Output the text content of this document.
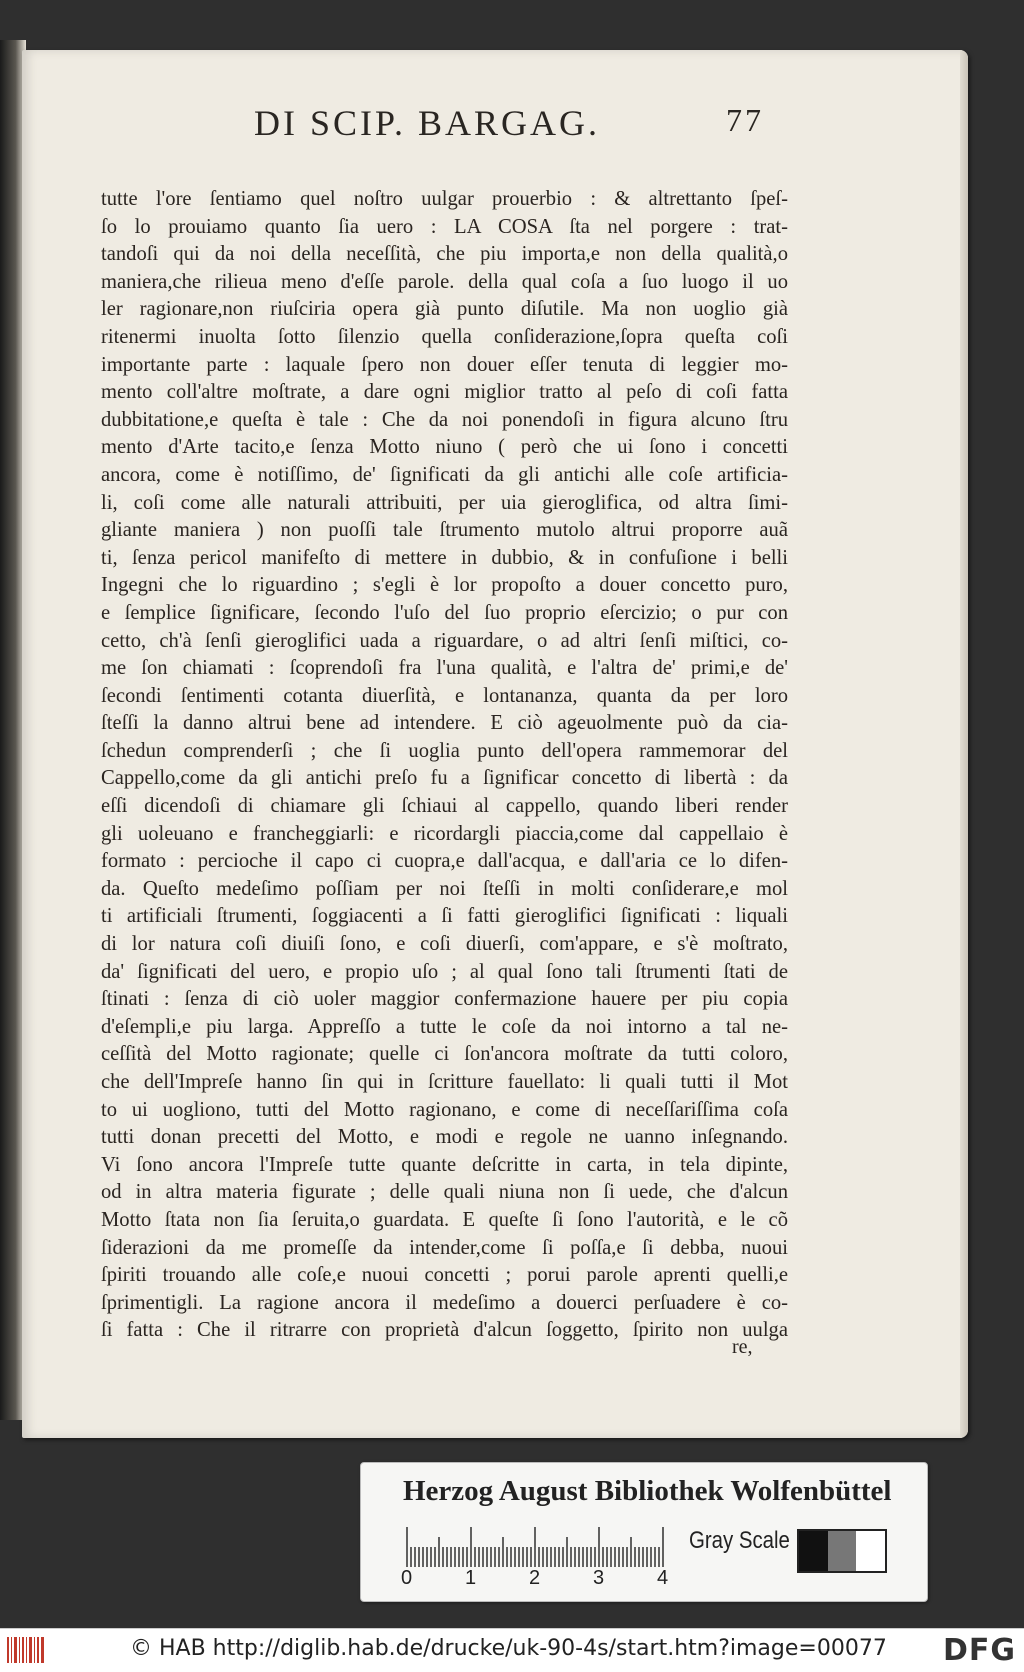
DI SCIP. BARGAG.	77
tutte l'ore ſentiamo quel noſtro uulgar prouerbio : & altrettanto ſpeſ-
ſo lo prouiamo quanto ſia uero : LA COSA ſta nel porgere : trat-
tandoſi qui da noi della neceſſità, che piu importa,e non della qualità,o
maniera,che rilieua meno d'eſſe parole. della qual coſa a ſuo luogo il uo
ler ragionare,non riuſciria opera già punto diſutile. Ma non uoglio già
ritenermi inuolta ſotto ſilenzio quella conſiderazione,ſopra queſta coſi
importante parte : laquale ſpero non douer eſſer tenuta di leggier mo-
mento coll'altre moſtrate, a dare ogni miglior tratto al peſo di coſi fatta
dubbitatione,e queſta è tale : Che da noi ponendoſi in figura alcuno ſtru
mento d'Arte tacito,e ſenza Motto niuno ( però che ui ſono i concetti
ancora, come è notiſſimo, de' ſignificati da gli antichi alle coſe artificia-
li, coſi come alle naturali attribuiti, per uia gieroglifica, od altra ſimi-
gliante maniera ) non puoſſi tale ſtrumento mutolo altrui proporre auã
ti, ſenza pericol manifeſto di mettere in dubbio, & in confuſione i belli
Ingegni che lo riguardino ; s'egli è lor propoſto a douer concetto puro,
e ſemplice ſignificare, ſecondo l'uſo del ſuo proprio eſercizio; o pur con
cetto, ch'à ſenſi gieroglifici uada a riguardare, o ad altri ſenſi miſtici, co-
me ſon chiamati : ſcoprendoſi fra l'una qualità, e l'altra de' primi,e de'
ſecondi ſentimenti cotanta diuerſità, e lontananza, quanta da per loro
ſteſſi la danno altrui bene ad intendere. E ciò ageuolmente può da cia-
ſchedun comprenderſi ; che ſi uoglia punto dell'opera rammemorar del
Cappello,come da gli antichi preſo fu a ſignificar concetto di libertà : da
eſſi dicendoſi di chiamare gli ſchiaui al cappello, quando liberi render
gli uoleuano e francheggiarli: e ricordargli piaccia,come dal cappellaio è
formato : percioche il capo ci cuopra,e dall'acqua, e dall'aria ce lo difen-
da. Queſto medeſimo poſſiam per noi ſteſſi in molti conſiderare,e mol
ti artificiali ſtrumenti, ſoggiacenti a ſi fatti gieroglifici ſignificati : liquali
di lor natura coſi diuiſi ſono, e coſi diuerſi, com'appare, e s'è moſtrato,
da' ſignificati del uero, e propio uſo ; al qual ſono tali ſtrumenti ſtati de
ſtinati : ſenza di ciò uoler maggior confermazione hauere per piu copia
d'eſempli,e piu larga. Appreſſo a tutte le coſe da noi intorno a tal ne-
ceſſità del Motto ragionate; quelle ci ſon'ancora moſtrate da tutti coloro,
che dell'Impreſe hanno ſin qui in ſcritture fauellato: li quali tutti il Mot
to ui uogliono, tutti del Motto ragionano, e come di neceſſariſſima coſa
tutti donan precetti del Motto, e modi e regole ne uanno inſegnando.
Vi ſono ancora l'Impreſe tutte quante deſcritte in carta, in tela dipinte,
od in altra materia figurate ; delle quali niuna non ſi uede, che d'alcun
Motto ſtata non ſia ſeruita,o guardata. E queſte ſi ſono l'autorità, e le cõ
ſiderazioni da me promeſſe da intender,come ſi poſſa,e ſi debba, nuoui
ſpiriti trouando alle coſe,e nuoui concetti ; porui parole aprenti quelli,e
ſprimentigli. La ragione ancora il medeſimo a douerci perſuadere è co-
ſi fatta : Che il ritrarre con proprietà d'alcun ſoggetto, ſpirito non uulga
re,
Herzog August Bibliothek Wolfenbüttel
0	1	2	3	4
Gray Scale
© HAB http://diglib.hab.de/drucke/uk-90-4s/start.htm?image=00077 DFG
